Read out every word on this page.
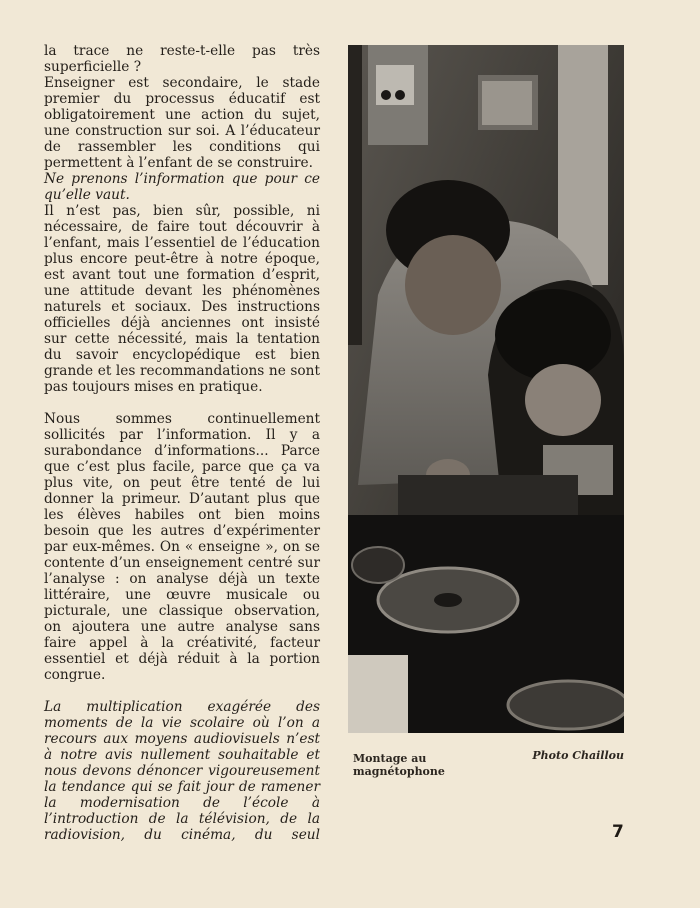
la trace ne reste-t-elle pas très superficielle ?

Enseigner est secondaire, le stade premier du processus éducatif est obligatoirement une action du sujet, une construction sur soi. A l’éducateur de rassembler les conditions qui permettent à l’enfant de se construire.

Ne prenons l’information que pour ce qu’elle vaut.

Il n’est pas, bien sûr, possible, ni nécessaire, de faire tout découvrir à l’enfant, mais l’essentiel de l’éducation plus encore peut-être à notre époque, est avant tout une formation d’esprit, une attitude devant les phénomènes naturels et sociaux. Des instructions officielles déjà anciennes ont insisté sur cette nécessité, mais la tentation du savoir encyclopédique est bien grande et les recommandations ne sont pas toujours mises en pratique.

Nous sommes continuellement sollicités par l’information. Il y a surabondance d’informations... Parce que c’est plus facile, parce que ça va plus vite, on peut être tenté de lui donner la primeur. D’autant plus que les élèves habiles ont bien moins besoin que les autres d’expérimenter par eux-mêmes. On « enseigne », on se contente d’un enseignement centré sur l’analyse : on analyse déjà un texte littéraire, une œuvre musicale ou picturale, une classique observation, on ajoutera une autre analyse sans faire appel à la créativité, facteur essentiel et déjà réduit à la portion congrue.

La multiplication exagérée des moments de la vie scolaire où l’on a recours aux moyens audiovisuels n’est à notre avis nullement souhaitable et nous devons dénoncer vigoureusement la tendance qui se fait jour de ramener la modernisation de l’école à l’introduction de la télévision, de la radiovision, du cinéma, du seul

Montage au magnétophone
Photo Chaillou
7
